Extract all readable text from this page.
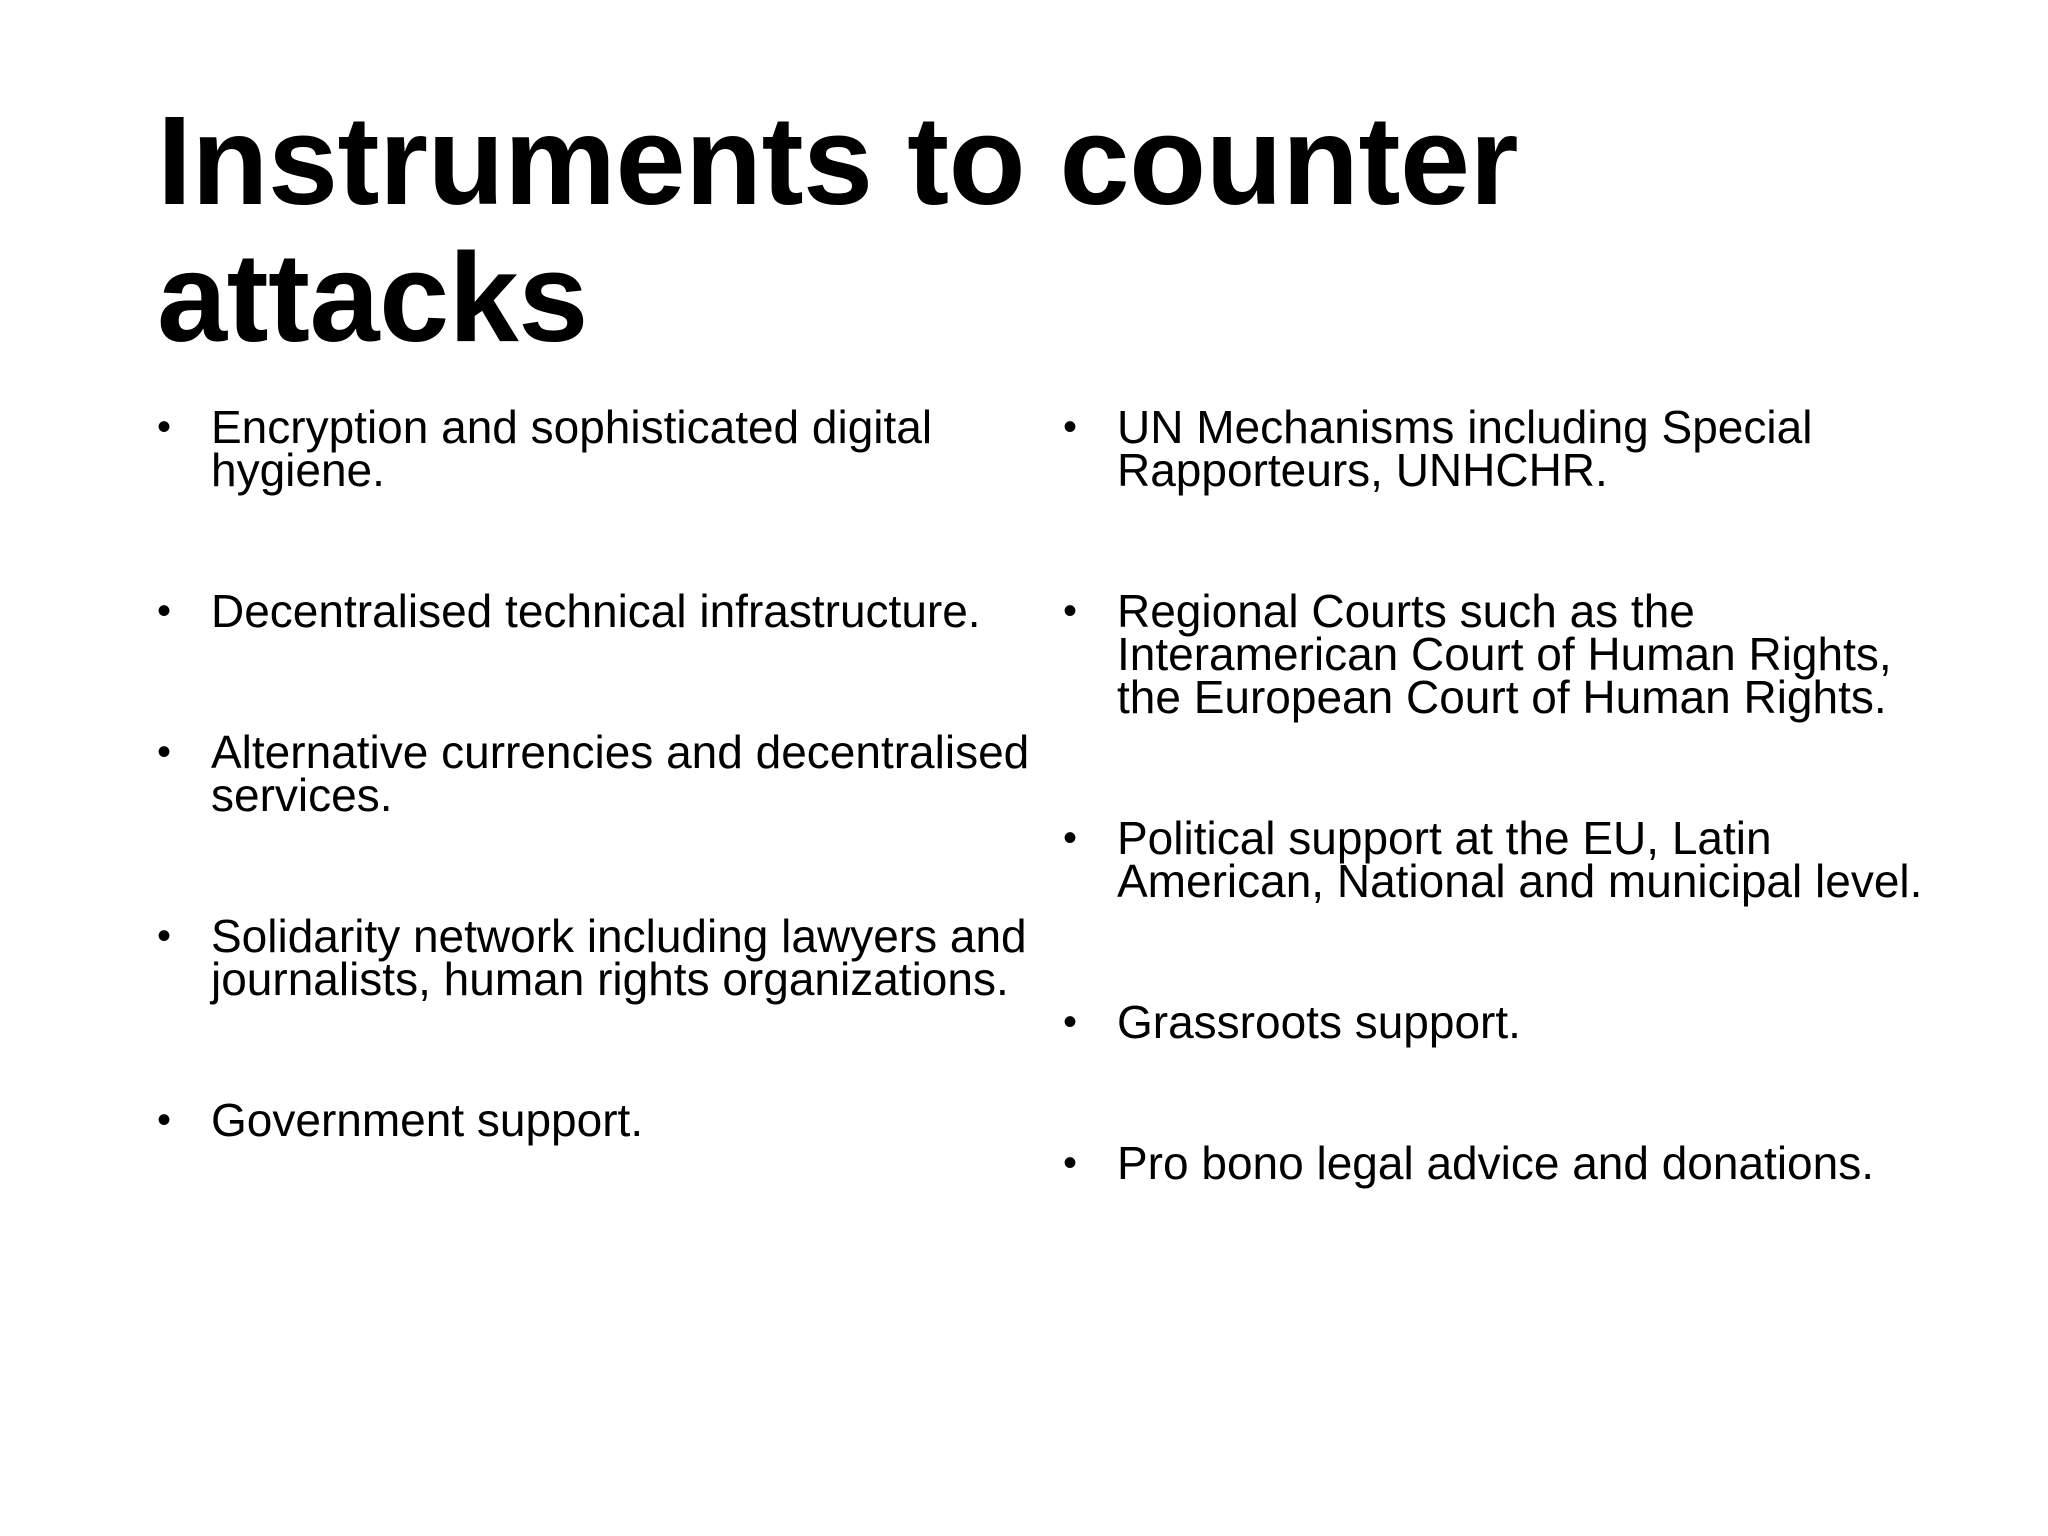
Instruments to counter attacks
• Encryption and sophisticated digital hygiene.
• Decentralised technical infrastructure.
• Alternative currencies and decentralised services.
• Solidarity network including lawyers and journalists, human rights organizations.
• Government support.
• UN Mechanisms including Special Rapporteurs, UNHCHR.
• Regional Courts such as the Interamerican Court of Human Rights, the European Court of Human Rights.
• Political support at the EU, Latin American, National and municipal level.
• Grassroots support.
• Pro bono legal advice and donations.
